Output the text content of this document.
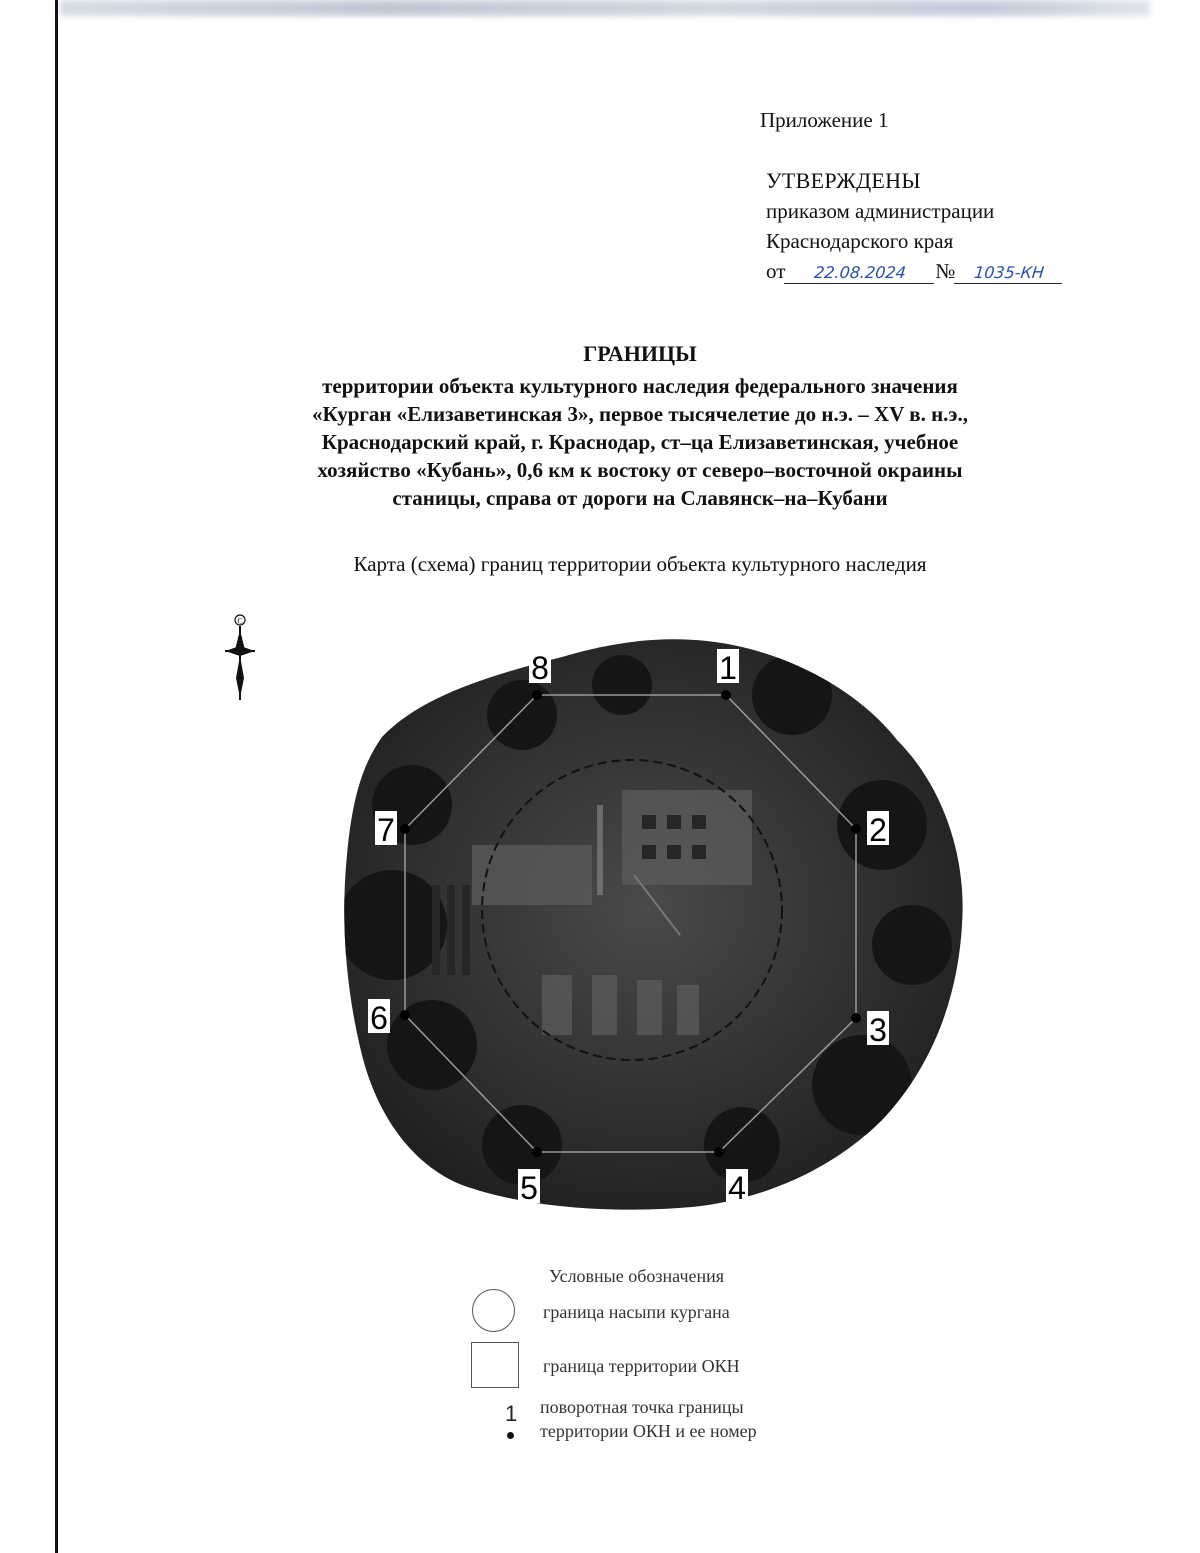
Приложение 1
УТВЕРЖДЕНЫ
приказом администрации
Краснодарского края
от 22.08.2024 № 1035-КН
ГРАНИЦЫ
территории объекта культурного наследия федерального значения
«Курган «Елизаветинская 3», первое тысячелетие до н.э. – XV в. н.э.,
Краснодарский край, г. Краснодар, ст–ца Елизаветинская, учебное
хозяйство «Кубань», 0,6 км к востоку от северо–восточной окраины
станицы, справа от дороги на Славянск–на–Кубани
Карта (схема) границ территории объекта культурного наследия
С
1
2
3
4
5
6
7
8
Условные обозначения
граница насыпи кургана
граница территории ОКН
1 поворотная точка границы
территории ОКН и ее номер
